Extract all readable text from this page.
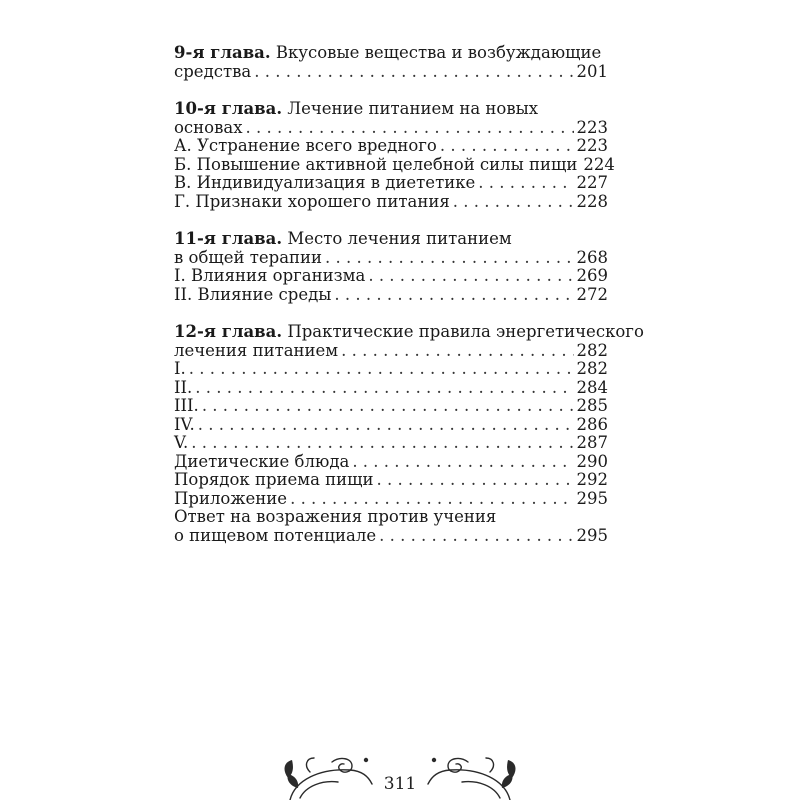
9-я глава. Вкусовые вещества и возбуждающие
средства . . .	201
10-я глава. Лечение питанием на новых
основах . . .	223
А. Устранение всего вредного . . .	223
Б. Повышение активной целебной силы пищи 224
В. Индивидуализация в диететике . . .	227
Г. Признаки хорошего питания . . .	228
11-я глава. Место лечения питанием
в общей терапии . . .	268
I. Влияния организма . . .	269
II. Влияние среды . . .	272
12-я глава. Практические правила энергетического
лечения питанием . . .	282
I. . . .	282
II. . . .	284
III. . . .	285
IV. . . .	286
V. . . .	287
Диетические блюда . . .	290
Порядок приема пищи . . .	292
Приложение . . .	295
Ответ на возражения против учения
о пищевом потенциале . . .	295
311
